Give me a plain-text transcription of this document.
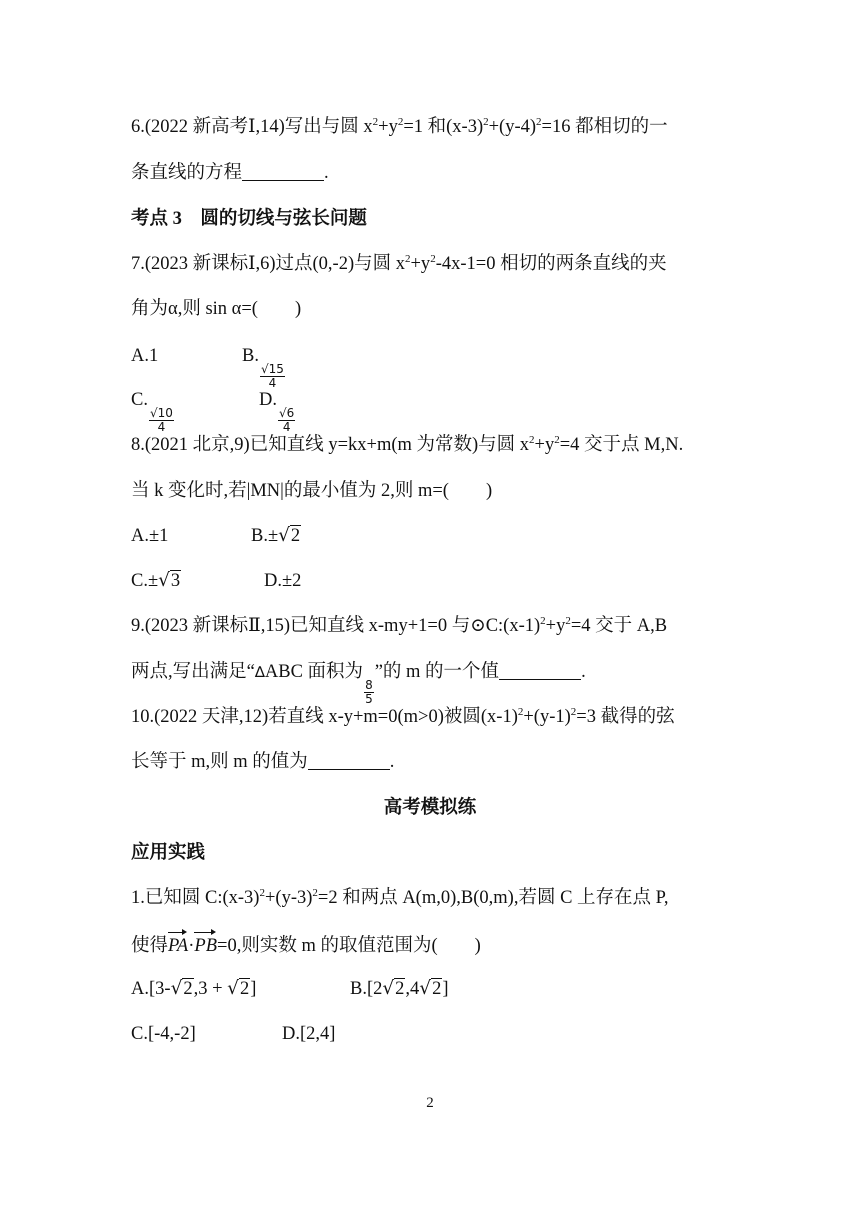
6.(2022 新高考Ⅰ,14)写出与圆 $x^2+y^2=1$ 和$(x-3)^2+(y-4)^2=16$ 都相切的一
条直线的方程	.
考点 3　圆的切线与弦长问题
7.(2023 新课标Ⅰ,6)过点(0,-2)与圆 $x^2+y^2-4x-1=0$ 相切的两条直线的夹
角为α,则 sin α=(　　)
A.1	B.
$\frac{√15}{4}$
C.
$\frac{√10}{4}$
D.
$\frac{√6}{4}$
8.(2021 北京,9)已知直线 y=kx+m(m 为常数)与圆 $x^2+y^2=4$ 交于点 M,N.
当 k 变化时,若|MN|的最小值为 2,则 m=(　　)
A.±1	B.±√2
C.±√3	D.±2
9.(2023 新课标Ⅱ,15)已知直线 x-my+1=0 与$⊙C:(x-1)^2+y^2=4$ 交于 A,B
两点,写出满足“∆ABC 面积为
$\frac{8}{5}$
”的 m 的一个值	.
10.(2022 天津,12)若直线 x-y+m=0(m>0)被圆$(x-1)^2+(y-1)^2=3$ 截得的弦
长等于 m,则 m 的值为	.
高考模拟练
应用实践
1.已知圆 $C:(x-3)^2+(y-3)^2=2$ 和两点 A(m,0),B(0,m),若圆 C 上存在点 P,
使得PA·PB=0,则实数 m 的取值范围为(　　)
A.[3-√2,3 + √2]	B.[2√2,4√2]
C.[-4,-2]	D.[2,4]
2
